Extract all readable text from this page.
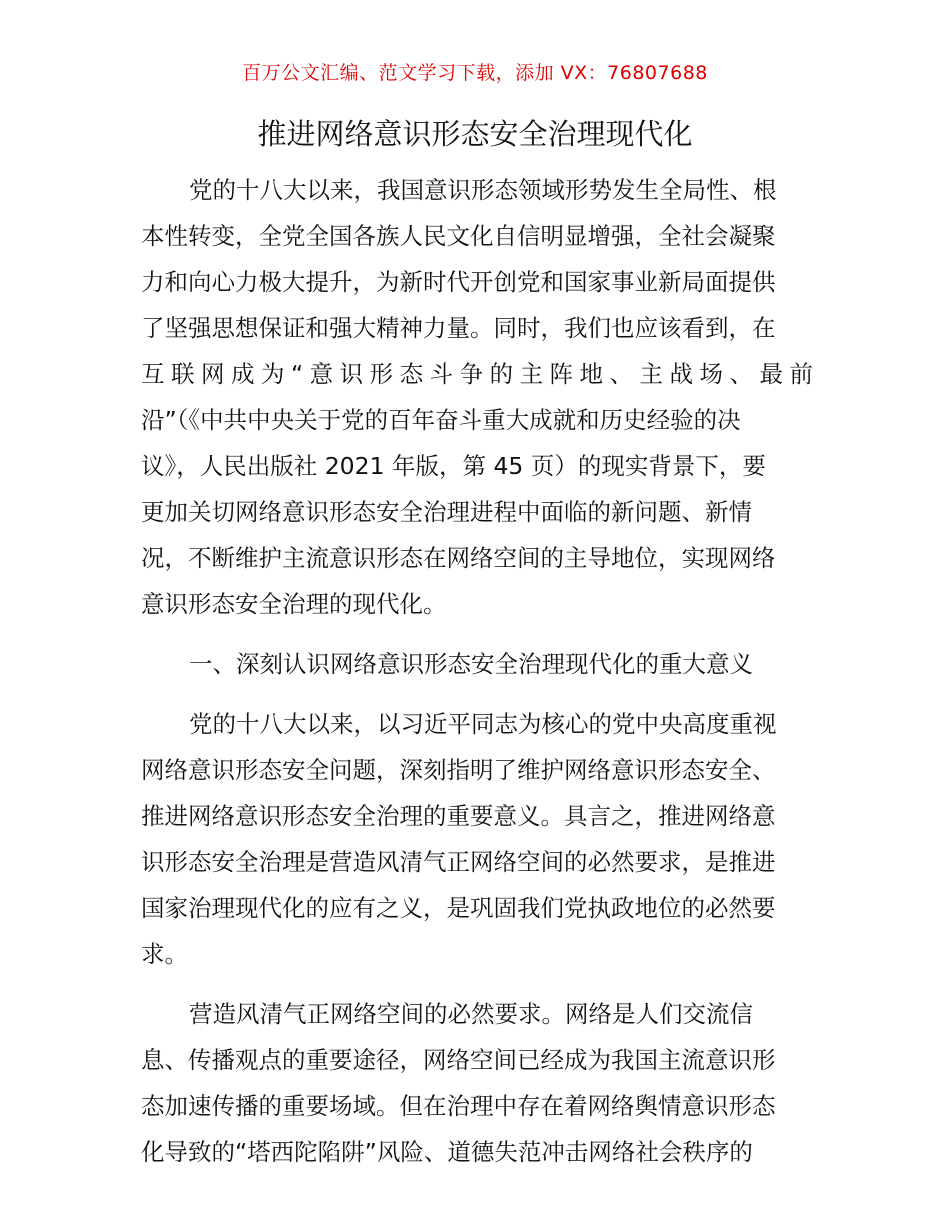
百万公文汇编、范文学习下载，添加 VX：76807688
推进网络意识形态安全治理现代化
党的十八大以来，我国意识形态领域形势发生全局性、根
本性转变，全党全国各族人民文化自信明显增强，全社会凝聚
力和向心力极大提升，为新时代开创党和国家事业新局面提供
了坚强思想保证和强大精神力量。同时，我们也应该看到，在
互联网成为“意识形态斗争的主阵地、主战场、最前
沿”（《中共中央关于党的百年奋斗重大成就和历史经验的决
议》，人民出版社 2021 年版，第 45 页）的现实背景下，要
更加关切网络意识形态安全治理进程中面临的新问题、新情
况，不断维护主流意识形态在网络空间的主导地位，实现网络
意识形态安全治理的现代化。
一、深刻认识网络意识形态安全治理现代化的重大意义
党的十八大以来，以习近平同志为核心的党中央高度重视
网络意识形态安全问题，深刻指明了维护网络意识形态安全、
推进网络意识形态安全治理的重要意义。具言之，推进网络意
识形态安全治理是营造风清气正网络空间的必然要求，是推进
国家治理现代化的应有之义，是巩固我们党执政地位的必然要
求。
营造风清气正网络空间的必然要求。网络是人们交流信
息、传播观点的重要途径，网络空间已经成为我国主流意识形
态加速传播的重要场域。但在治理中存在着网络舆情意识形态
化导致的“塔西陀陷阱”风险、道德失范冲击网络社会秩序的
